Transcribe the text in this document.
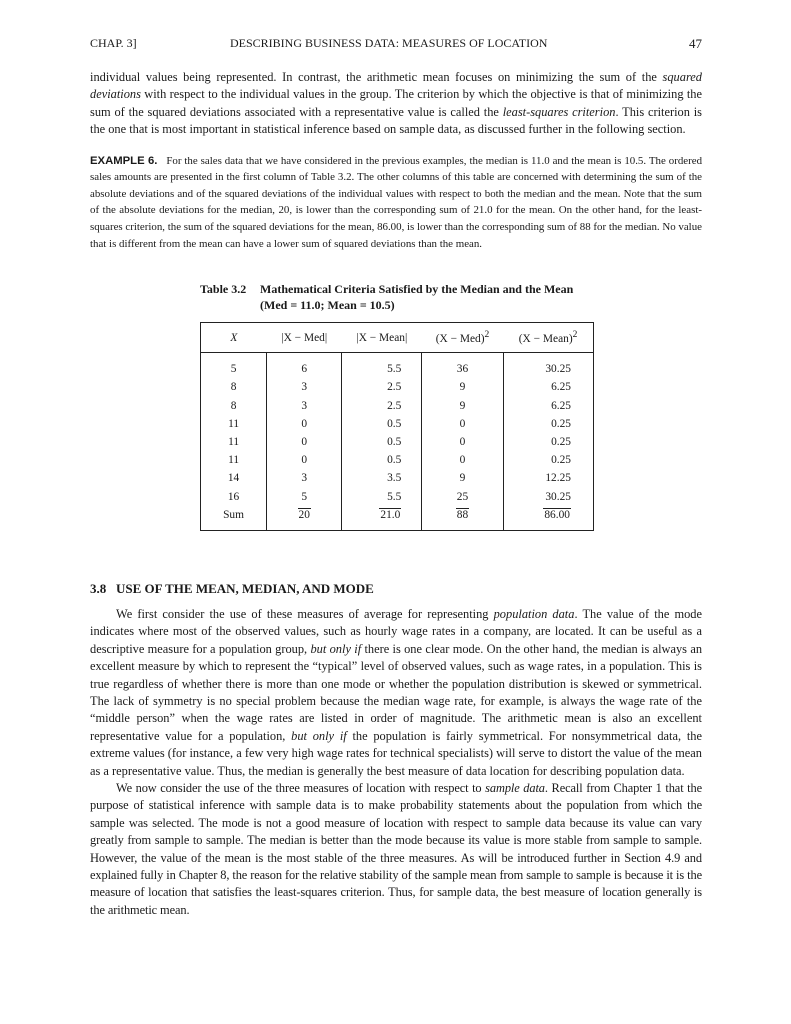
CHAP. 3]	DESCRIBING BUSINESS DATA: MEASURES OF LOCATION	47

individual values being represented. In contrast, the arithmetic mean focuses on minimizing the sum of the squared deviations with respect to the individual values in the group. The criterion by which the objective is that of minimizing the sum of the squared deviations associated with a representative value is called the least-squares criterion. This criterion is the one that is most important in statistical inference based on sample data, as discussed further in the following section.

EXAMPLE 6. For the sales data that we have considered in the previous examples, the median is 11.0 and the mean is 10.5. The ordered sales amounts are presented in the first column of Table 3.2. The other columns of this table are concerned with determining the sum of the absolute deviations and of the squared deviations of the individual values with respect to both the median and the mean. Note that the sum of the absolute deviations for the median, 20, is lower than the corresponding sum of 21.0 for the mean. On the other hand, for the least-squares criterion, the sum of the squared deviations for the mean, 86.00, is lower than the corresponding sum of 88 for the median. No value that is different from the mean can have a lower sum of squared deviations than the mean.

Table 3.2 Mathematical Criteria Satisfied by the Median and the Mean
(Med = 11.0; Mean = 10.5)
X	|X − Med|	|X − Mean|	(X − Med)$^2$	(X − Mean)$^2$
5	6	5.5	36	30.25
8	3	2.5	9	6.25
8	3	2.5	9	6.25
11	0	0.5	0	0.25
11	0	0.5	0	0.25
11	0	0.5	0	0.25
14	3	3.5	9	12.25
16	5	5.5	25	30.25
Sum	20	21.0	88	86.00
3.8 USE OF THE MEAN, MEDIAN, AND MODE

We first consider the use of these measures of average for representing population data. The value of the mode indicates where most of the observed values, such as hourly wage rates in a company, are located. It can be useful as a descriptive measure for a population group, but only if there is one clear mode. On the other hand, the median is always an excellent measure by which to represent the “typical” level of observed values, such as wage rates, in a population. This is true regardless of whether there is more than one mode or whether the population distribution is skewed or symmetrical. The lack of symmetry is no special problem because the median wage rate, for example, is always the wage rate of the “middle person” when the wage rates are listed in order of magnitude. The arithmetic mean is also an excellent representative value for a population, but only if the population is fairly symmetrical. For nonsymmetrical data, the extreme values (for instance, a few very high wage rates for technical specialists) will serve to distort the value of the mean as a representative value. Thus, the median is generally the best measure of data location for describing population data.

We now consider the use of the three measures of location with respect to sample data. Recall from Chapter 1 that the purpose of statistical inference with sample data is to make probability statements about the population from which the sample was selected. The mode is not a good measure of location with respect to sample data because its value can vary greatly from sample to sample. The median is better than the mode because its value is more stable from sample to sample. However, the value of the mean is the most stable of the three measures. As will be introduced further in Section 4.9 and explained fully in Chapter 8, the reason for the relative stability of the sample mean from sample to sample is because it is the measure of location that satisfies the least-squares criterion. Thus, for sample data, the best measure of location generally is the arithmetic mean.
